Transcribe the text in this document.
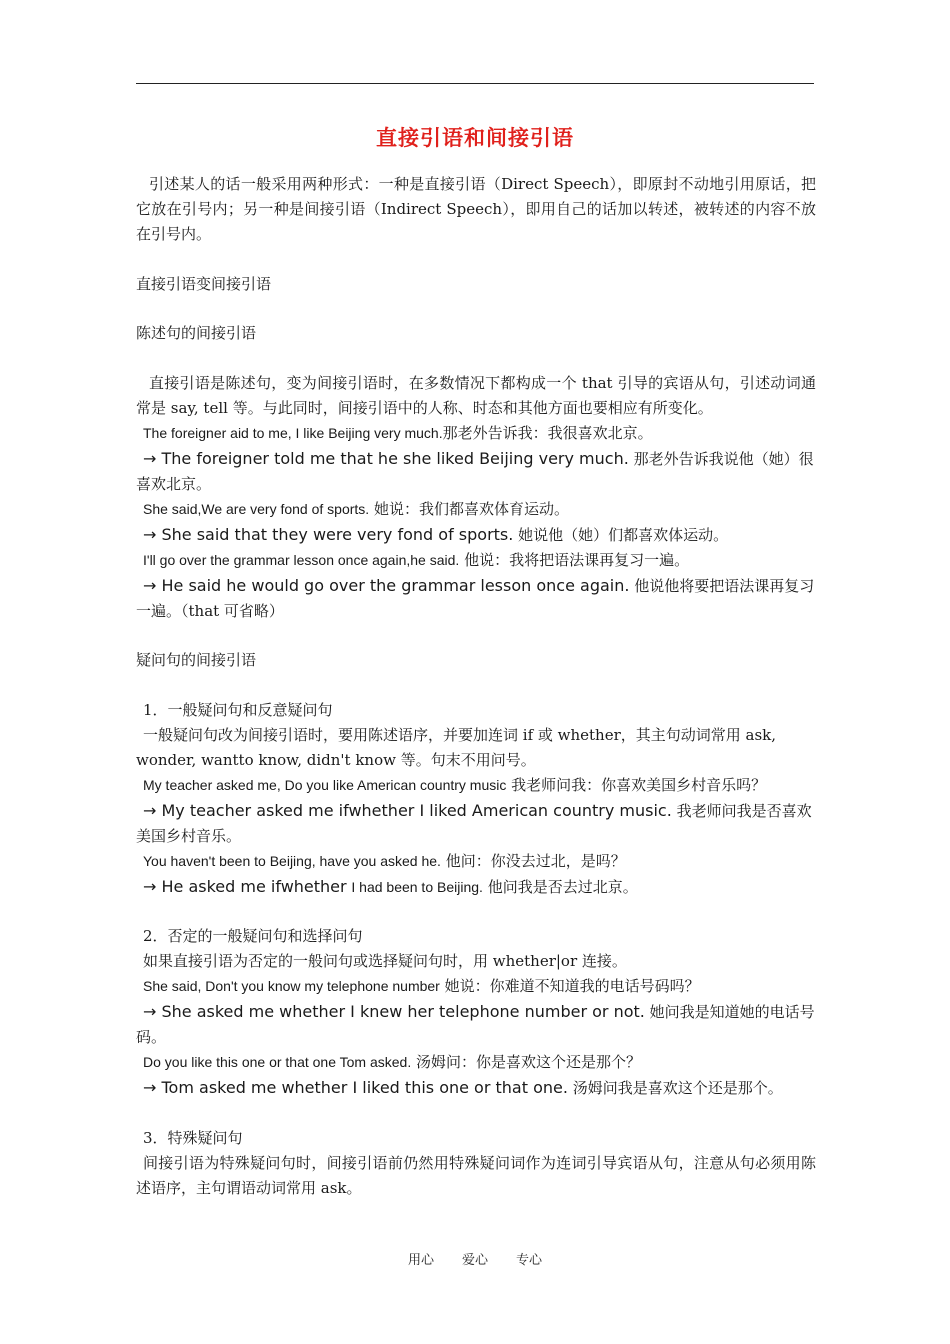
直接引语和间接引语

引述某人的话一般采用两种形式：一种是直接引语（Direct Speech），即原封不动地引用原话，把它放在引号内；另一种是间接引语（Indirect Speech），即用自己的话加以转述，被转述的内容不放在引号内。

直接引语变间接引语

陈述句的间接引语

直接引语是陈述句，变为间接引语时，在多数情况下都构成一个 that 引导的宾语从句，引述动词通常是 say, tell 等。与此同时，间接引语中的人称、时态和其他方面也要相应有所变化。

The foreigner aid to me, I like Beijing very much.那老外告诉我：我很喜欢北京。

→ The foreigner told me that he she liked Beijing very much. 那老外告诉我说他（她）很喜欢北京。

She said,We are very fond of sports. 她说：我们都喜欢体育运动。

→ She said that they were very fond of sports. 她说他（她）们都喜欢体运动。

I'll go over the grammar lesson once again,he said. 他说：我将把语法课再复习一遍。

→ He said he would go over the grammar lesson once again. 他说他将要把语法课再复习一遍。（that 可省略）

疑问句的间接引语

1．一般疑问句和反意疑问句

一般疑问句改为间接引语时，要用陈述语序，并要加连词 if 或 whether，其主句动词常用 ask, wonder, wantto know, didn't know 等。句末不用问号。

My teacher asked me, Do you like American country music 我老师问我：你喜欢美国乡村音乐吗？

→ My teacher asked me ifwhether I liked American country music. 我老师问我是否喜欢美国乡村音乐。

You haven't been to Beijing, have you asked he. 他问：你没去过北，是吗？

→ He asked me ifwhether I had been to Beijing. 他问我是否去过北京。

2．否定的一般疑问句和选择问句

如果直接引语为否定的一般问句或选择疑问句时，用 whether|or 连接。

She said, Don't you know my telephone number 她说：你难道不知道我的电话号码吗？

→ She asked me whether I knew her telephone number or not. 她问我是知道她的电话号码。

Do you like this one or that one Tom asked. 汤姆问：你是喜欢这个还是那个？

→ Tom asked me whether I liked this one or that one. 汤姆问我是喜欢这个还是那个。

3．特殊疑问句

间接引语为特殊疑问句时，间接引语前仍然用特殊疑问词作为连词引导宾语从句，注意从句必须用陈述语序，主句谓语动词常用 ask。

用心 爱心 专心
